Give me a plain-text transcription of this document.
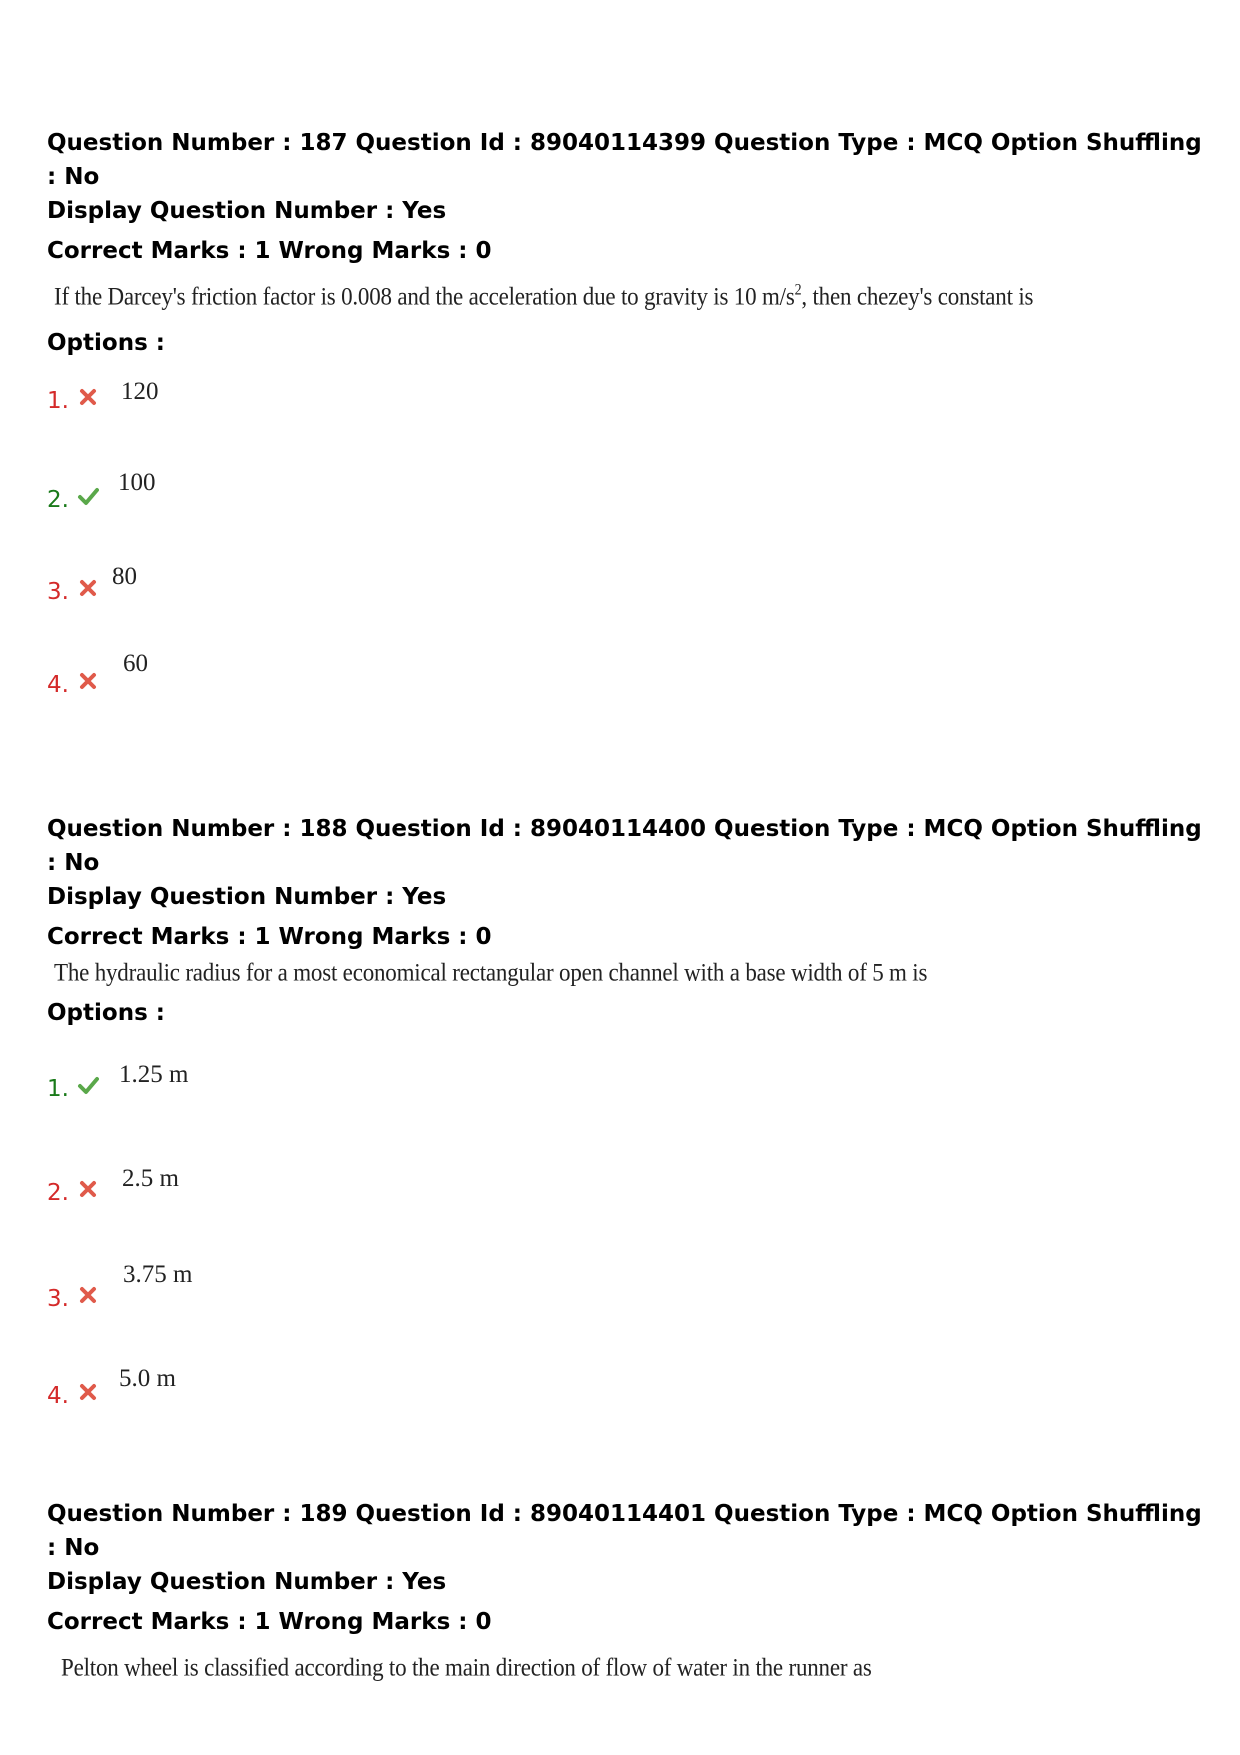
Question Number : 187 Question Id : 89040114399 Question Type : MCQ Option Shuffling : No
Display Question Number : Yes
Correct Marks : 1 Wrong Marks : 0
If the Darcey's friction factor is 0.008 and the acceleration due to gravity is 10 $m/s^2$, then chezey's constant is
Options :
1. 120
2.
100
3.
80
4.
60
Question Number : 188 Question Id : 89040114400 Question Type : MCQ Option Shuffling : No
Display Question Number : Yes
Correct Marks : 1 Wrong Marks : 0
The hydraulic radius for a most economical rectangular open channel with a base width of 5 m is
Options :
1.
1.25 m
2.
2.5 m
3.
3.75 m
4.
5.0 m
Question Number : 189 Question Id : 89040114401 Question Type : MCQ Option Shuffling : No
Display Question Number : Yes
Correct Marks : 1 Wrong Marks : 0
Pelton wheel is classified according to the main direction of flow of water in the runner as
